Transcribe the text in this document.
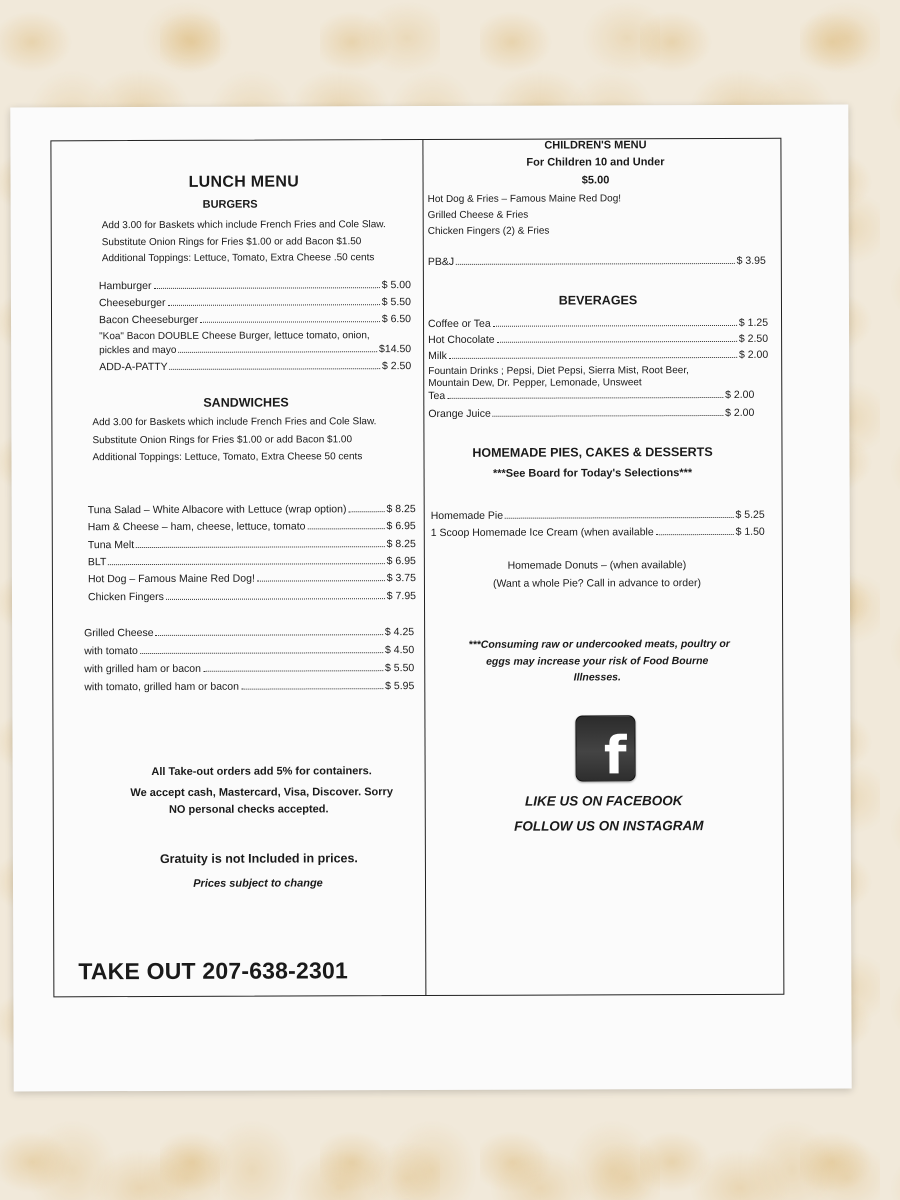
LUNCH MENU
BURGERS
Add 3.00 for Baskets which include French Fries and Cole Slaw.
Substitute Onion Rings for Fries $1.00 or add Bacon $1.50
Additional Toppings: Lettuce, Tomato, Extra Cheese .50 cents
Hamburger	$ 5.00
Cheeseburger	$ 5.50
Bacon Cheeseburger	$ 6.50
"Koa" Bacon DOUBLE Cheese Burger, lettuce tomato, onion,
pickles and mayo	$14.50
ADD-A-PATTY	$ 2.50
SANDWICHES
Add 3.00 for Baskets which include French Fries and Cole Slaw.
Substitute Onion Rings for Fries $1.00 or add Bacon $1.00
Additional Toppings: Lettuce, Tomato, Extra Cheese 50 cents
Tuna Salad – White Albacore with Lettuce (wrap option)	$ 8.25
Ham & Cheese – ham, cheese, lettuce, tomato	$ 6.95
Tuna Melt	$ 8.25
BLT	$ 6.95
Hot Dog – Famous Maine Red Dog!	$ 3.75
Chicken Fingers	$ 7.95
Grilled Cheese	$ 4.25
with tomato	$ 4.50
with grilled ham or bacon	$ 5.50
with tomato, grilled ham or bacon	$ 5.95
All Take-out orders add 5% for containers.
We accept cash, Mastercard, Visa, Discover. Sorry
NO personal checks accepted.
Gratuity is not Included in prices.
Prices subject to change
TAKE OUT 207-638-2301
CHILDREN'S MENU
For Children 10 and Under
$5.00
Hot Dog & Fries – Famous Maine Red Dog!
Grilled Cheese & Fries
Chicken Fingers (2) & Fries
PB&J	$ 3.95
BEVERAGES
Coffee or Tea	$ 1.25
Hot Chocolate	$ 2.50
Milk	$ 2.00
Fountain Drinks ; Pepsi, Diet Pepsi, Sierra Mist, Root Beer,
Mountain Dew, Dr. Pepper, Lemonade, Unsweet
Tea	$ 2.00
Orange Juice	$ 2.00
HOMEMADE PIES, CAKES & DESSERTS
***See Board for Today's Selections***
Homemade Pie	$ 5.25
1 Scoop Homemade Ice Cream (when available	$ 1.50
Homemade Donuts – (when available)
(Want a whole Pie? Call in advance to order)
***Consuming raw or undercooked meats, poultry or
eggs may increase your risk of Food Bourne
Illnesses.
f
LIKE US ON FACEBOOK
FOLLOW US ON INSTAGRAM
